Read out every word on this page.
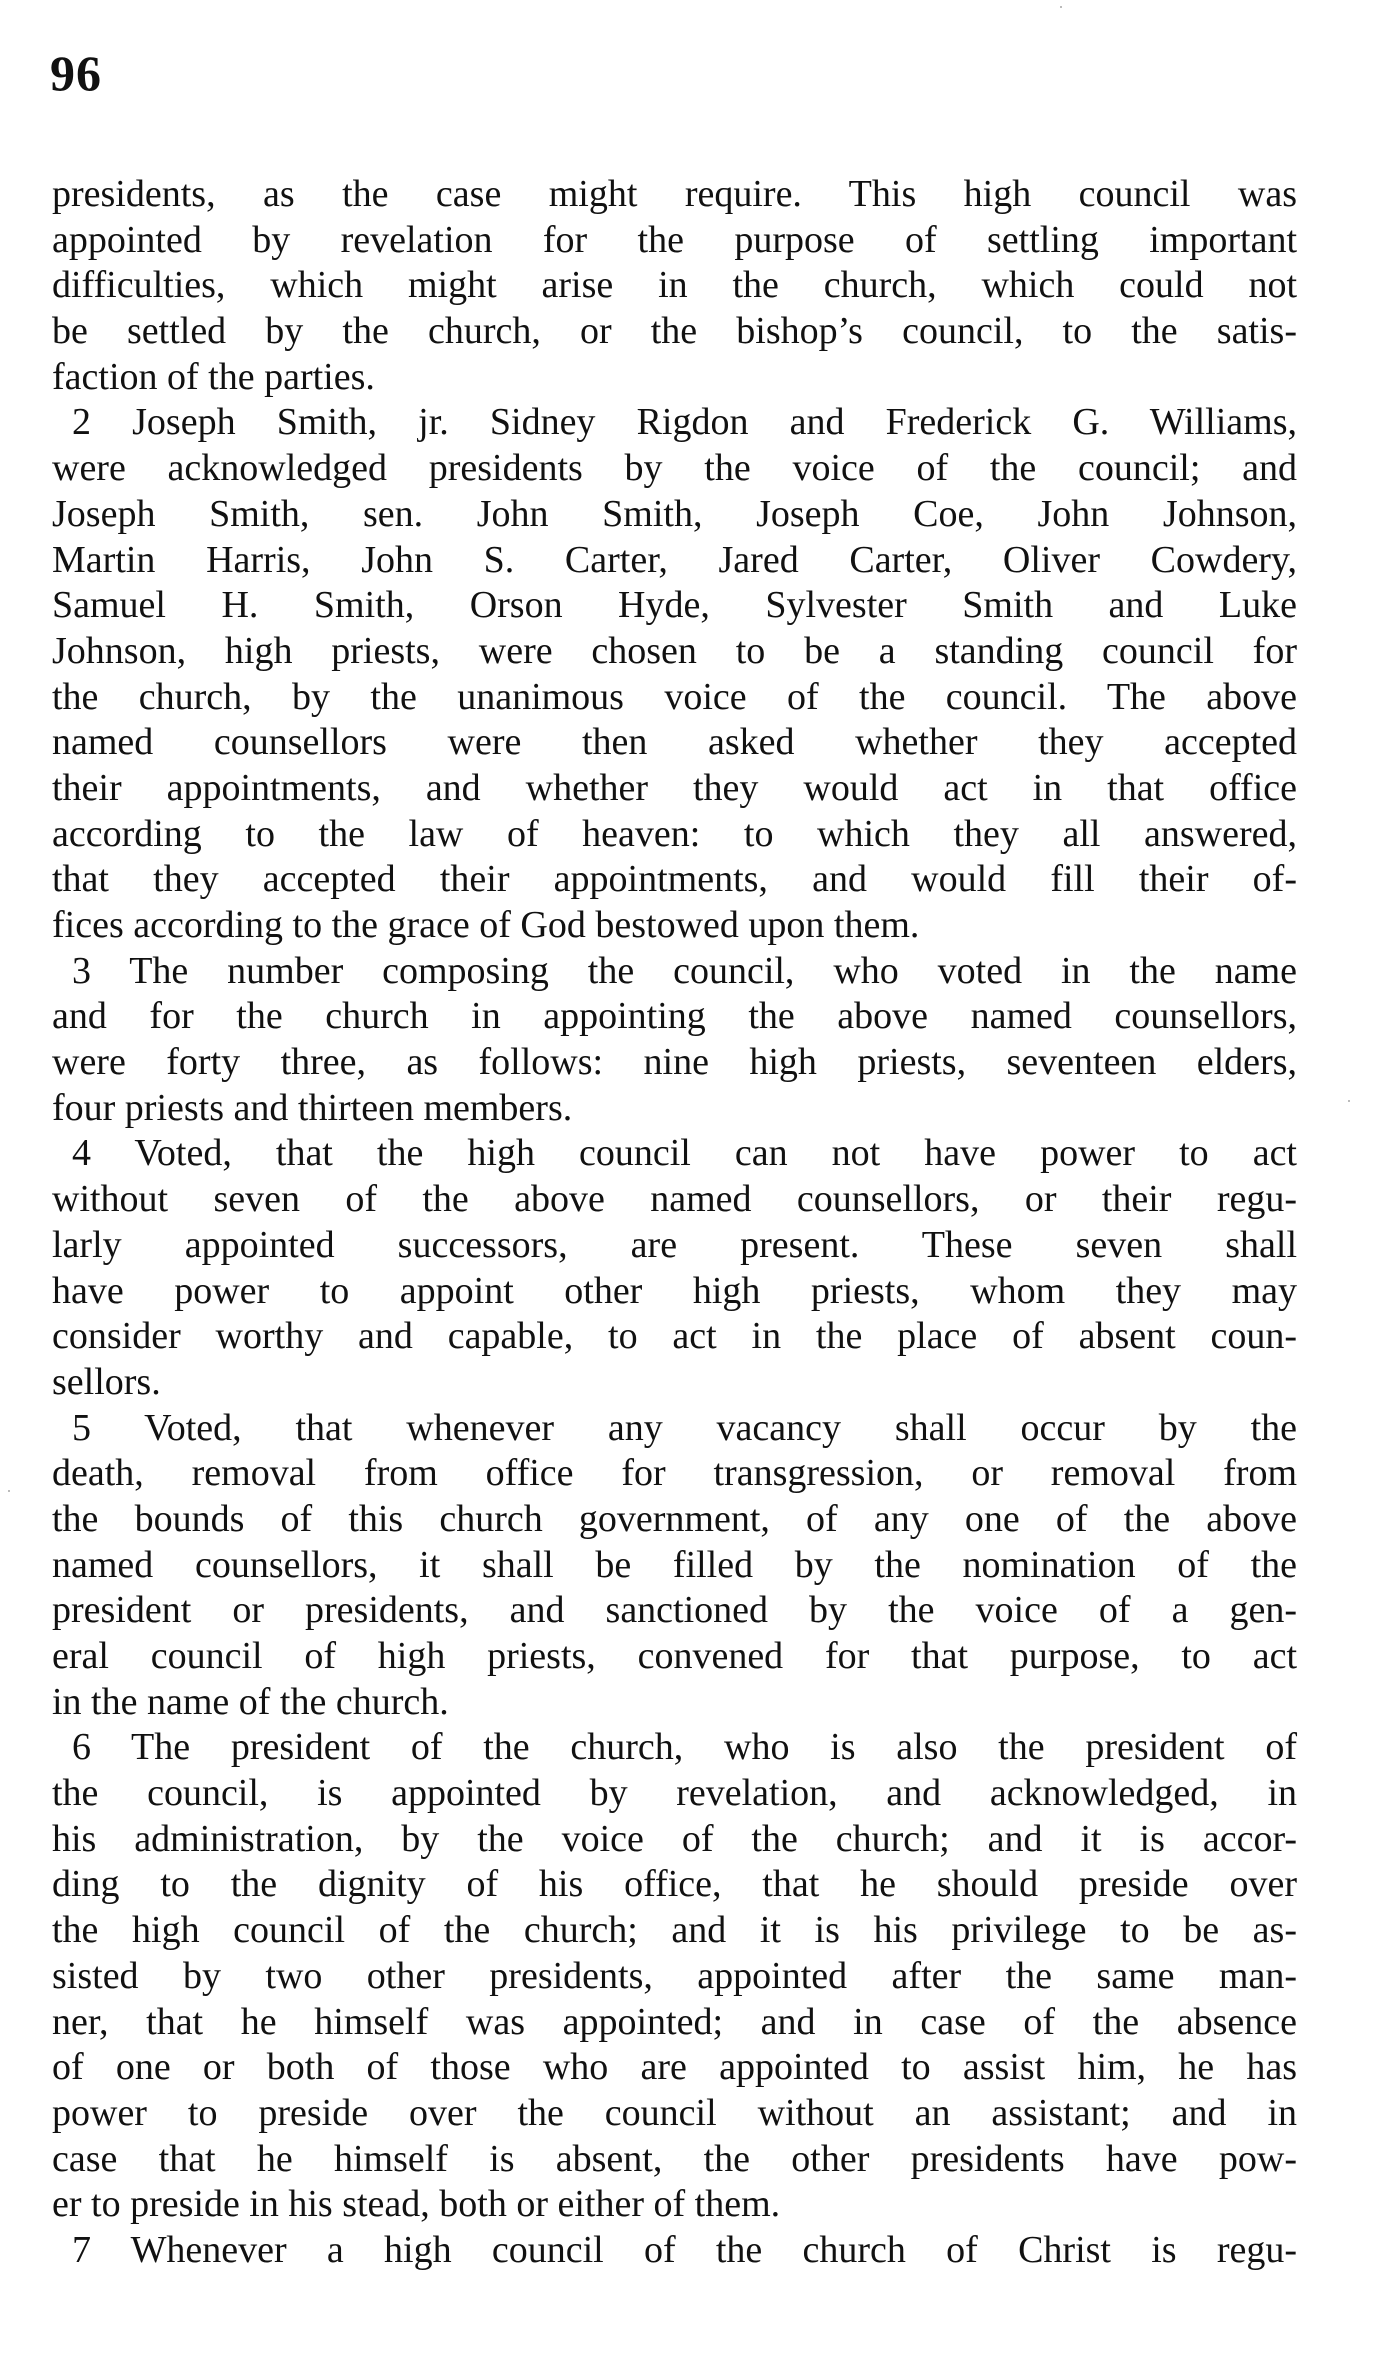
96
presidents, as the case might require. This high council was
appointed by revelation for the purpose of settling important
difficulties, which might arise in the church, which could not
be settled by the church, or the bishop’s council, to the satis-
faction of the parties.
2 Joseph Smith, jr. Sidney Rigdon and Frederick G. Williams,
were acknowledged presidents by the voice of the council; and
Joseph Smith, sen. John Smith, Joseph Coe, John Johnson,
Martin Harris, John S. Carter, Jared Carter, Oliver Cowdery,
Samuel H. Smith, Orson Hyde, Sylvester Smith and Luke
Johnson, high priests, were chosen to be a standing council for
the church, by the unanimous voice of the council. The above
named counsellors were then asked whether they accepted
their appointments, and whether they would act in that office
according to the law of heaven: to which they all answered,
that they accepted their appointments, and would fill their of-
fices according to the grace of God bestowed upon them.
3 The number composing the council, who voted in the name
and for the church in appointing the above named counsellors,
were forty three, as follows: nine high priests, seventeen elders,
four priests and thirteen members.
4 Voted, that the high council can not have power to act
without seven of the above named counsellors, or their regu-
larly appointed successors, are present. These seven shall
have power to appoint other high priests, whom they may
consider worthy and capable, to act in the place of absent coun-
sellors.
5 Voted, that whenever any vacancy shall occur by the
death, removal from office for transgression, or removal from
the bounds of this church government, of any one of the above
named counsellors, it shall be filled by the nomination of the
president or presidents, and sanctioned by the voice of a gen-
eral council of high priests, convened for that purpose, to act
in the name of the church.
6 The president of the church, who is also the president of
the council, is appointed by revelation, and acknowledged, in
his administration, by the voice of the church; and it is accor-
ding to the dignity of his office, that he should preside over
the high council of the church; and it is his privilege to be as-
sisted by two other presidents, appointed after the same man-
ner, that he himself was appointed; and in case of the absence
of one or both of those who are appointed to assist him, he has
power to preside over the council without an assistant; and in
case that he himself is absent, the other presidents have pow-
er to preside in his stead, both or either of them.
7 Whenever a high council of the church of Christ is regu-
